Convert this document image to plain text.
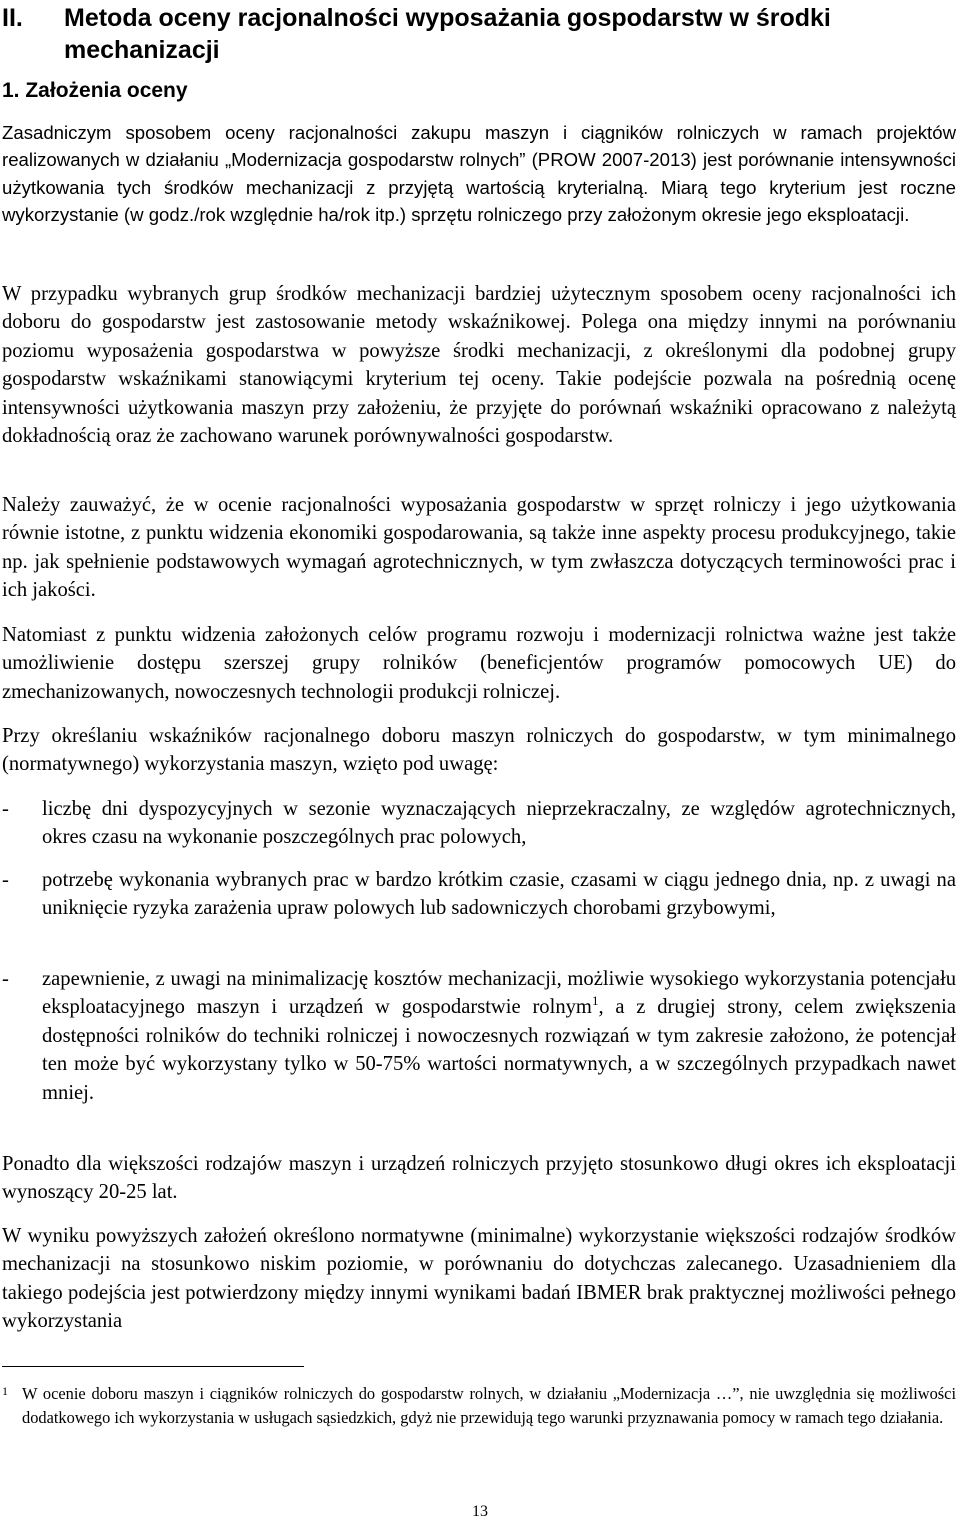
II. Metoda oceny racjonalności wyposażania gospodarstw w środki mechanizacji
1. Założenia oceny
Zasadniczym sposobem oceny racjonalności zakupu maszyn i ciągników rolniczych w ramach projektów realizowanych w działaniu „Modernizacja gospodarstw rolnych” (PROW 2007-2013) jest porównanie intensywności użytkowania tych środków mechanizacji z przyjętą wartością kryterialną. Miarą tego kryterium jest roczne wykorzystanie (w godz./rok względnie ha/rok itp.) sprzętu rolniczego przy założonym okresie jego eksploatacji.
W przypadku wybranych grup środków mechanizacji bardziej użytecznym sposobem oceny racjonalności ich doboru do gospodarstw jest zastosowanie metody wskaźnikowej. Polega ona między innymi na porównaniu poziomu wyposażenia gospodarstwa w powyższe środki mechanizacji, z określonymi dla podobnej grupy gospodarstw wskaźnikami stanowiącymi kryterium tej oceny. Takie podejście pozwala na pośrednią ocenę intensywności użytkowania maszyn przy założeniu, że przyjęte do porównań wskaźniki opracowano z należytą dokładnością oraz że zachowano warunek porównywalności gospodarstw.
Należy zauważyć, że w ocenie racjonalności wyposażania gospodarstw w sprzęt rolniczy i jego użytkowania równie istotne, z punktu widzenia ekonomiki gospodarowania, są także inne aspekty procesu produkcyjnego, takie np. jak spełnienie podstawowych wymagań agrotechnicznych, w tym zwłaszcza dotyczących terminowości prac i ich jakości.
Natomiast z punktu widzenia założonych celów programu rozwoju i modernizacji rolnictwa ważne jest także umożliwienie dostępu szerszej grupy rolników (beneficjentów programów pomocowych UE) do zmechanizowanych, nowoczesnych technologii produkcji rolniczej.
Przy określaniu wskaźników racjonalnego doboru maszyn rolniczych do gospodarstw, w tym minimalnego (normatywnego) wykorzystania maszyn, wzięto pod uwagę:
- liczbę dni dyspozycyjnych w sezonie wyznaczających nieprzekraczalny, ze względów agrotechnicznych, okres czasu na wykonanie poszczególnych prac polowych,
- potrzebę wykonania wybranych prac w bardzo krótkim czasie, czasami w ciągu jednego dnia, np. z uwagi na uniknięcie ryzyka zarażenia upraw polowych lub sadowniczych chorobami grzybowymi,
- zapewnienie, z uwagi na minimalizację kosztów mechanizacji, możliwie wysokiego wykorzystania potencjału eksploatacyjnego maszyn i urządzeń w gospodarstwie rolnym$^1$, a z drugiej strony, celem zwiększenia dostępności rolników do techniki rolniczej i nowoczesnych rozwiązań w tym zakresie założono, że potencjał ten może być wykorzystany tylko w 50-75% wartości normatywnych, a w szczególnych przypadkach nawet mniej.
Ponadto dla większości rodzajów maszyn i urządzeń rolniczych przyjęto stosunkowo długi okres ich eksploatacji wynoszący 20-25 lat.
W wyniku powyższych założeń określono normatywne (minimalne) wykorzystanie większości rodzajów środków mechanizacji na stosunkowo niskim poziomie, w porównaniu do dotychczas zalecanego. Uzasadnieniem dla takiego podejścia jest potwierdzony między innymi wynikami badań IBMER brak praktycznej możliwości pełnego wykorzystania
1 W ocenie doboru maszyn i ciągników rolniczych do gospodarstw rolnych, w działaniu „Modernizacja …”, nie uwzględnia się możliwości dodatkowego ich wykorzystania w usługach sąsiedzkich, gdyż nie przewidują tego warunki przyznawania pomocy w ramach tego działania.
13
